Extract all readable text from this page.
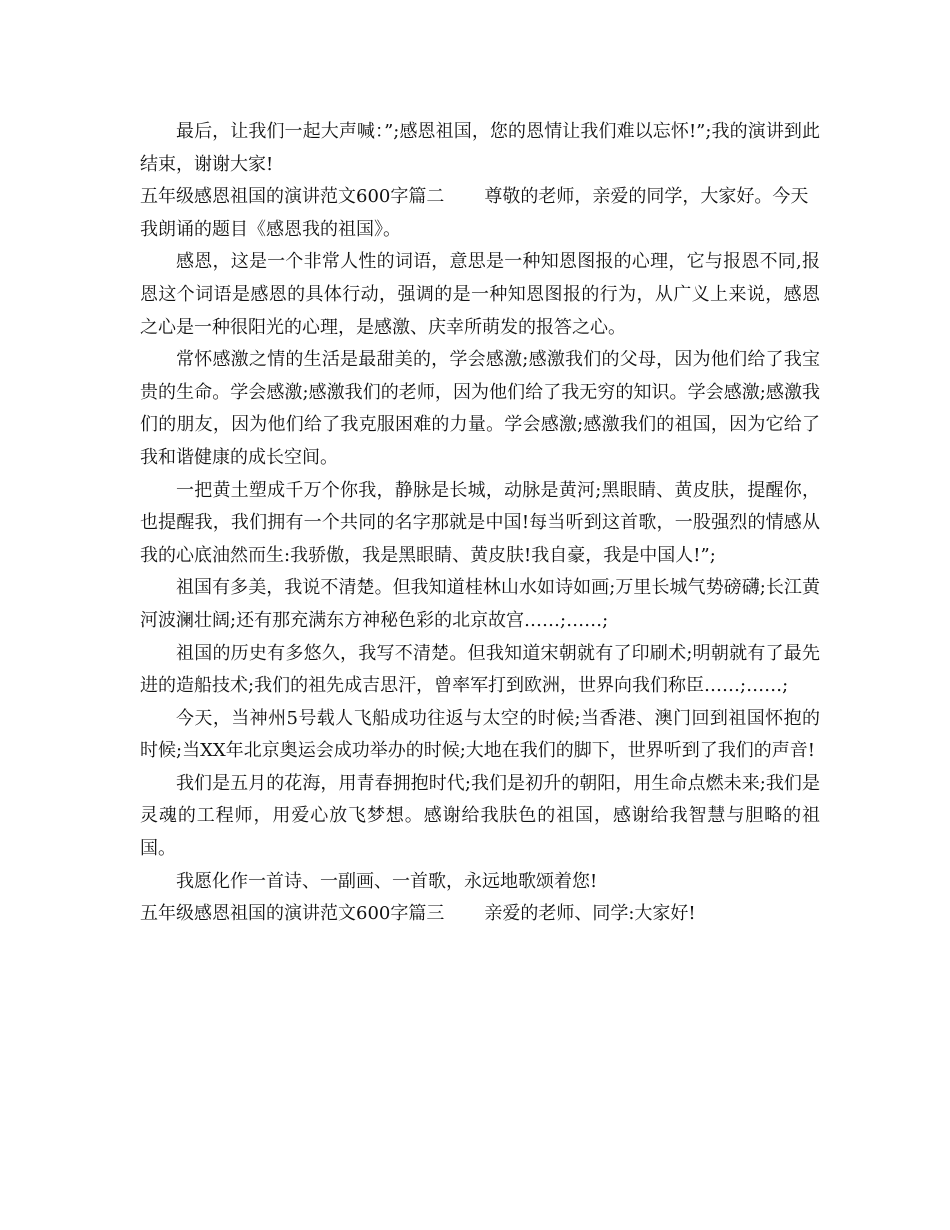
最后，让我们一起大声喊：”;感恩祖国，您的恩情让我们难以忘怀!”;我的演讲到此结束，谢谢大家!

五年级感恩祖国的演讲范文600字篇二 尊敬的老师，亲爱的同学，大家好。今天我朗诵的题目《感恩我的祖国》。

感恩，这是一个非常人性的词语，意思是一种知恩图报的心理，它与报恩不同,报恩这个词语是感恩的具体行动，强调的是一种知恩图报的行为，从广义上来说，感恩之心是一种很阳光的心理，是感激、庆幸所萌发的报答之心。

常怀感激之情的生活是最甜美的，学会感激;感激我们的父母，因为他们给了我宝贵的生命。学会感激;感激我们的老师，因为他们给了我无穷的知识。学会感激;感激我们的朋友，因为他们给了我克服困难的力量。学会感激;感激我们的祖国，因为它给了我和谐健康的成长空间。

一把黄土塑成千万个你我，静脉是长城，动脉是黄河;黑眼睛、黄皮肤，提醒你，也提醒我，我们拥有一个共同的名字那就是中国!每当听到这首歌，一股强烈的情感从我的心底油然而生:我骄傲，我是黑眼睛、黄皮肤!我自豪，我是中国人!”;

祖国有多美，我说不清楚。但我知道桂林山水如诗如画;万里长城气势磅礴;长江黄河波澜壮阔;还有那充满东方神秘色彩的北京故宫……;……;

祖国的历史有多悠久，我写不清楚。但我知道宋朝就有了印刷术;明朝就有了最先进的造船技术;我们的祖先成吉思汗，曾率军打到欧洲，世界向我们称臣……;……;

今天，当神州5号载人飞船成功往返与太空的时候;当香港、澳门回到祖国怀抱的时候;当XX年北京奥运会成功举办的时候;大地在我们的脚下，世界听到了我们的声音!

我们是五月的花海，用青春拥抱时代;我们是初升的朝阳，用生命点燃未来;我们是灵魂的工程师，用爱心放飞梦想。感谢给我肤色的祖国，感谢给我智慧与胆略的祖国。

我愿化作一首诗、一副画、一首歌，永远地歌颂着您!

五年级感恩祖国的演讲范文600字篇三 亲爱的老师、同学:大家好!
